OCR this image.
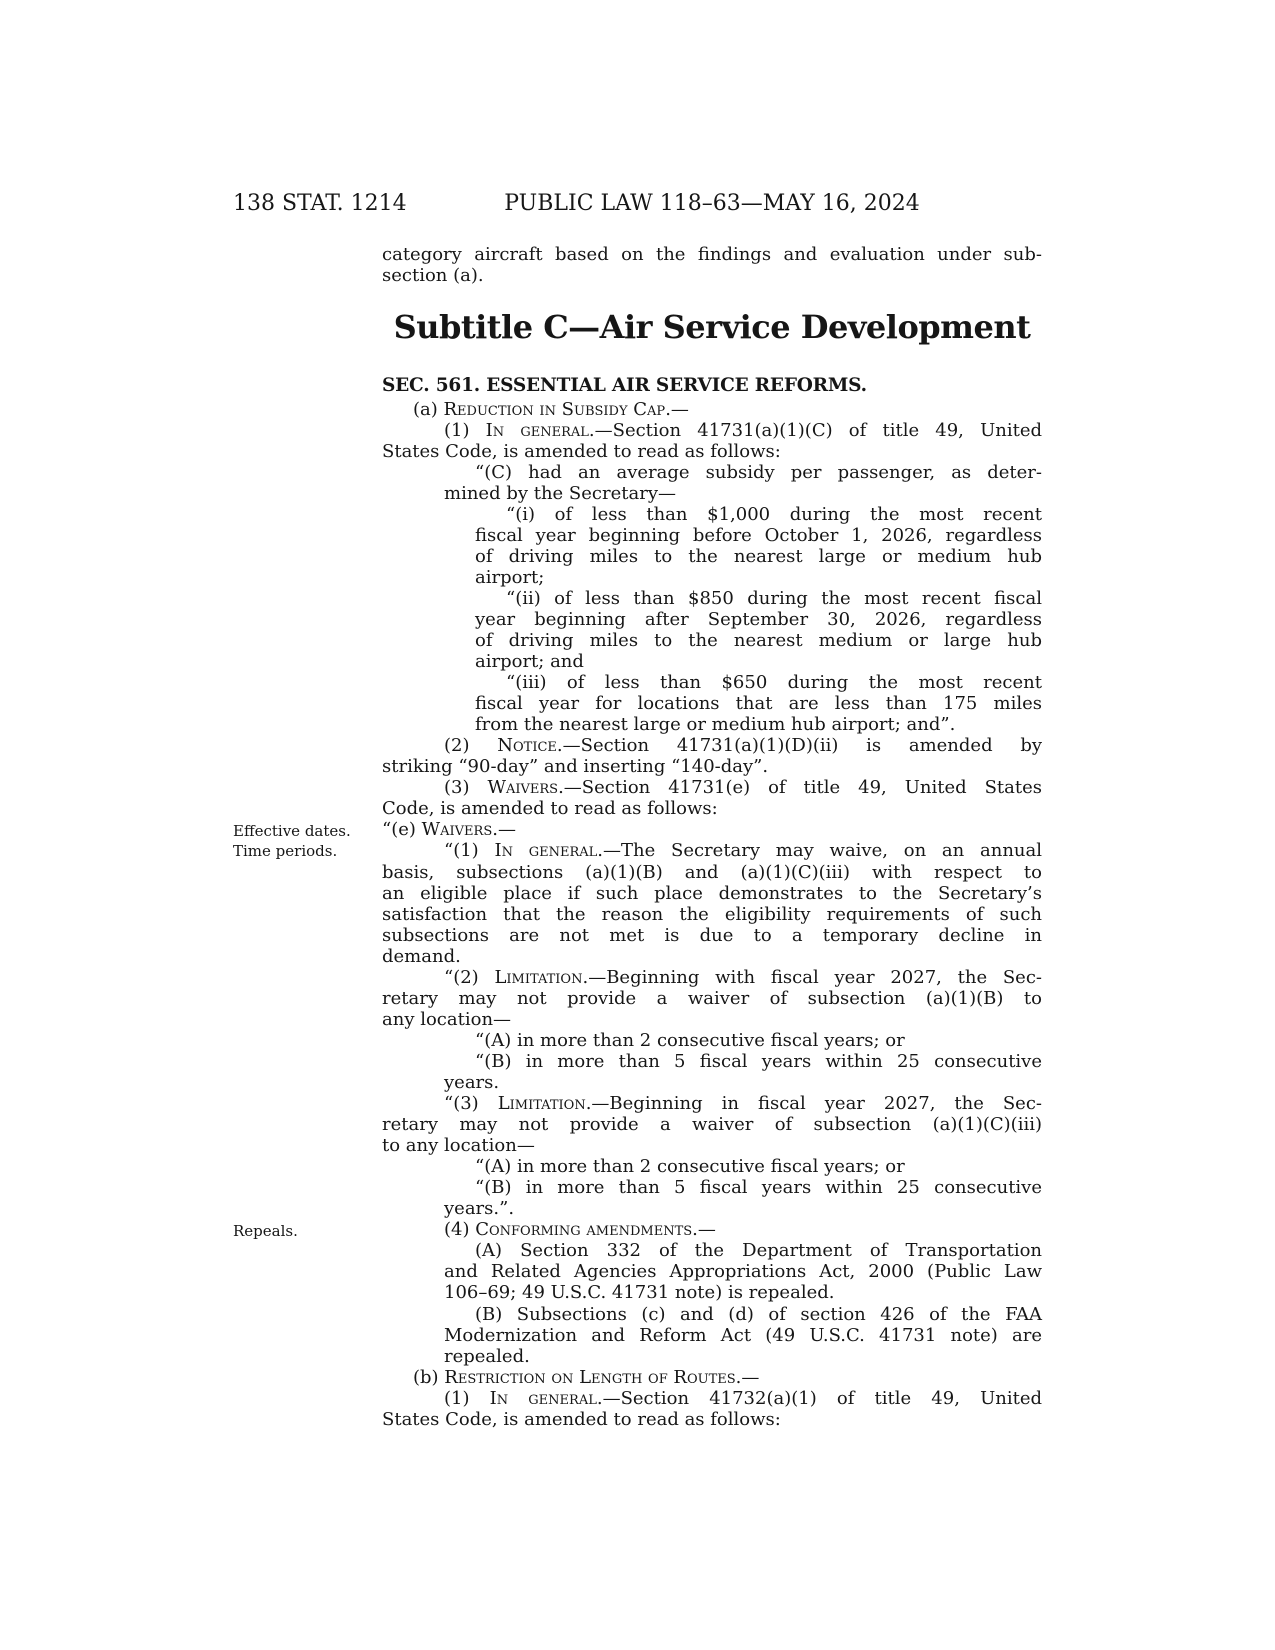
138 STAT. 1214	PUBLIC LAW 118–63—MAY 16, 2024
category aircraft based on the findings and evaluation under sub-
section (a).
Subtitle C—Air Service Development
SEC. 561. ESSENTIAL AIR SERVICE REFORMS.
(a) Reduction in Subsidy Cap.—
(1) In general.—Section 41731(a)(1)(C) of title 49, United
States Code, is amended to read as follows:
“(C) had an average subsidy per passenger, as deter-
mined by the Secretary—
“(i) of less than $1,000 during the most recent
fiscal year beginning before October 1, 2026, regardless
of driving miles to the nearest large or medium hub
airport;
“(ii) of less than $850 during the most recent fiscal
year beginning after September 30, 2026, regardless
of driving miles to the nearest medium or large hub
airport; and
“(iii) of less than $650 during the most recent
fiscal year for locations that are less than 175 miles
from the nearest large or medium hub airport; and”.
(2) Notice.—Section 41731(a)(1)(D)(ii) is amended by
striking “90-day” and inserting “140-day”.
(3) Waivers.—Section 41731(e) of title 49, United States
Code, is amended to read as follows:
“(e) Waivers.—
“(1) In general.—The Secretary may waive, on an annual
basis, subsections (a)(1)(B) and (a)(1)(C)(iii) with respect to
an eligible place if such place demonstrates to the Secretary’s
satisfaction that the reason the eligibility requirements of such
subsections are not met is due to a temporary decline in
demand.
“(2) Limitation.—Beginning with fiscal year 2027, the Sec-
retary may not provide a waiver of subsection (a)(1)(B) to
any location—
“(A) in more than 2 consecutive fiscal years; or
“(B) in more than 5 fiscal years within 25 consecutive
years.
“(3) Limitation.—Beginning in fiscal year 2027, the Sec-
retary may not provide a waiver of subsection (a)(1)(C)(iii)
to any location—
“(A) in more than 2 consecutive fiscal years; or
“(B) in more than 5 fiscal years within 25 consecutive
years.”.
(4) Conforming amendments.—
(A) Section 332 of the Department of Transportation
and Related Agencies Appropriations Act, 2000 (Public Law
106–69; 49 U.S.C. 41731 note) is repealed.
(B) Subsections (c) and (d) of section 426 of the FAA
Modernization and Reform Act (49 U.S.C. 41731 note) are
repealed.
(b) Restriction on Length of Routes.—
(1) In general.—Section 41732(a)(1) of title 49, United
States Code, is amended to read as follows:
Effective dates.
Time periods.
Repeals.
